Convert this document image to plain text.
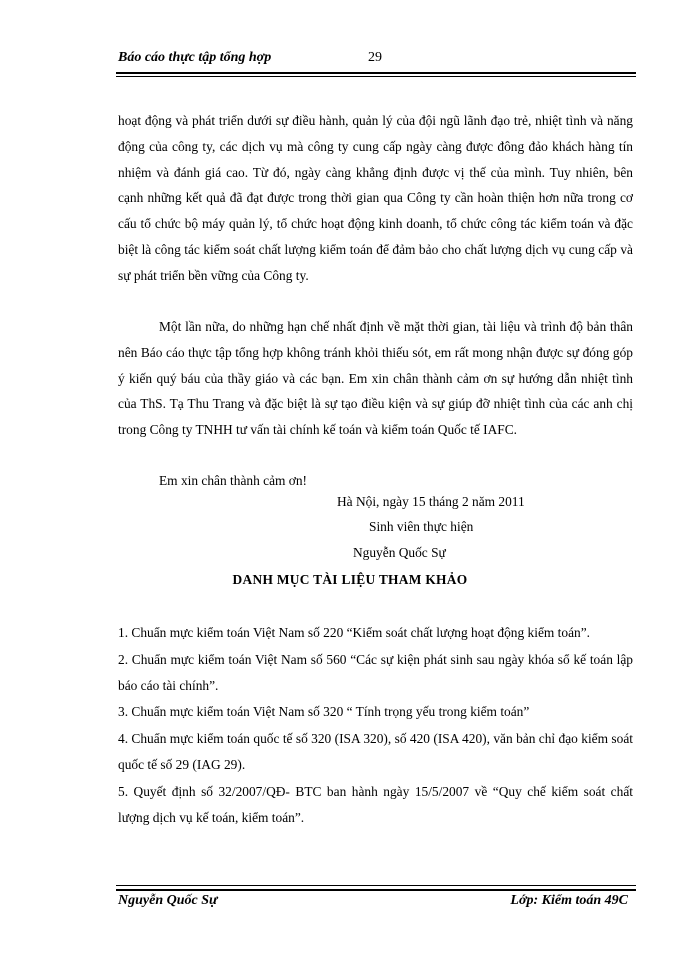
Báo cáo thực tập tổng hợp	29

hoạt động và phát triển dưới sự điều hành, quản lý của đội ngũ lãnh đạo trẻ, nhiệt tình và năng động của công ty, các dịch vụ mà công ty cung cấp ngày càng được đông đảo khách hàng tín nhiệm và đánh giá cao. Từ đó, ngày càng khẳng định được vị thế của mình. Tuy nhiên, bên cạnh những kết quả đã đạt được trong thời gian qua Công ty cần hoàn thiện hơn nữa trong cơ cấu tổ chức bộ máy quản lý, tổ chức hoạt động kinh doanh, tổ chức công tác kiểm toán và đặc biệt là công tác kiểm soát chất lượng kiểm toán để đảm bảo cho chất lượng dịch vụ cung cấp và sự phát triển bền vững của Công ty.

Một lần nữa, do những hạn chế nhất định về mặt thời gian, tài liệu và trình độ bản thân nên Báo cáo thực tập tổng hợp không tránh khỏi thiếu sót, em rất mong nhận được sự đóng góp ý kiến quý báu của thầy giáo và các bạn. Em xin chân thành cảm ơn sự hướng dẫn nhiệt tình của ThS. Tạ Thu Trang và đặc biệt là sự tạo điều kiện và sự giúp đỡ nhiệt tình của các anh chị trong Công ty TNHH tư vấn tài chính kế toán và kiểm toán Quốc tế IAFC.

Em xin chân thành cảm ơn!

Hà Nội, ngày 15 tháng 2 năm 2011
Sinh viên thực hiện
Nguyễn Quốc Sự
DANH MỤC TÀI LIỆU THAM KHẢO
1. Chuẩn mực kiểm toán Việt Nam số 220 “Kiểm soát chất lượng hoạt động kiểm toán”.
2. Chuẩn mực kiểm toán Việt Nam số 560 “Các sự kiện phát sinh sau ngày khóa sổ kế toán lập báo cáo tài chính”.
3. Chuẩn mực kiểm toán Việt Nam số 320 “ Tính trọng yếu trong kiểm toán”
4. Chuẩn mực kiểm toán quốc tế số 320 (ISA 320), số 420 (ISA 420), văn bản chỉ đạo kiểm soát quốc tế số 29 (IAG 29).
5. Quyết định số 32/2007/QĐ- BTC ban hành ngày 15/5/2007 về “Quy chế kiểm soát chất lượng dịch vụ kế toán, kiểm toán”.
Nguyễn Quốc Sự	Lớp: Kiểm toán 49C
